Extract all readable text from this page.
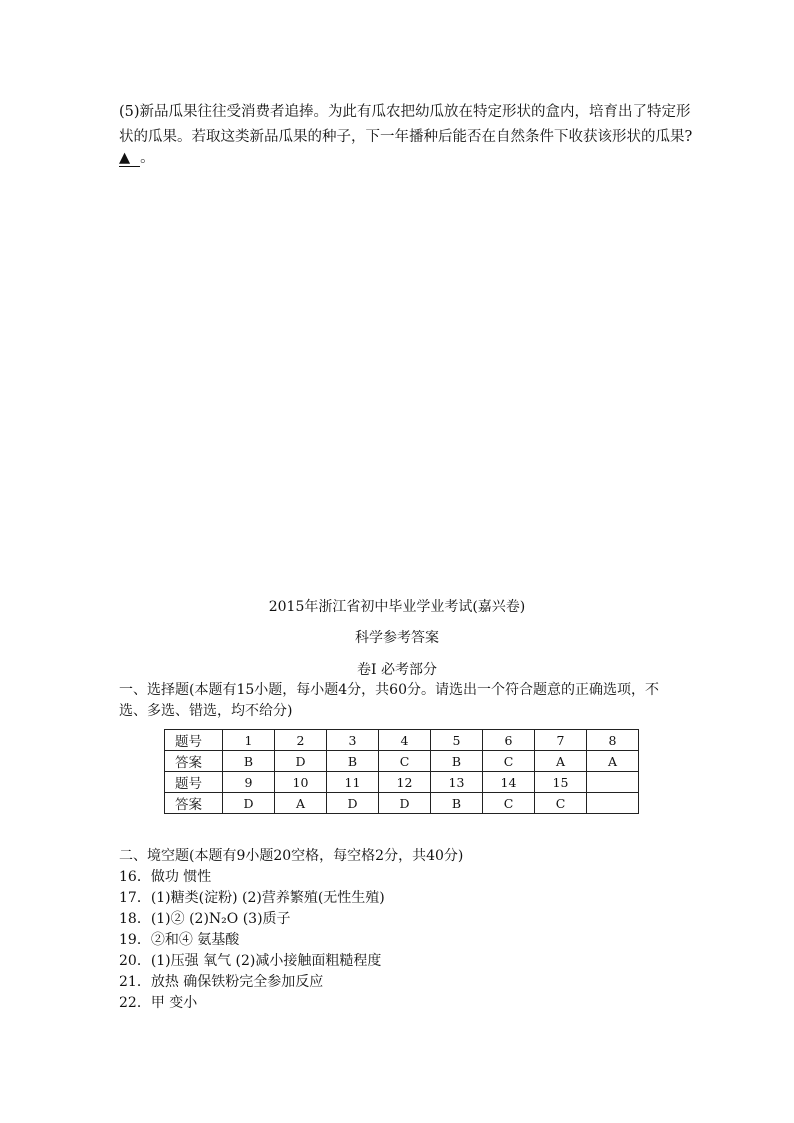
(5)新品瓜果往往受消费者追捧。为此有瓜农把幼瓜放在特定形状的盒内，培育出了特定形
状的瓜果。若取这类新品瓜果的种子，下一年播种后能否在自然条件下收获该形状的瓜果?
▲ 。
2015年浙江省初中毕业学业考试(嘉兴卷)
科学参考答案
卷Ⅰ 必考部分
一、选择题(本题有15小题，每小题4分，共60分。请选出一个符合题意的正确选项，不
选、多选、错选，均不给分)
题号	1	2	3	4	5	6	7	8
答案	B	D	B	C	B	C	A	A
题号	9	10	11	12	13	14	15	
答案	D	A	D	D	B	C	C	
二、境空题(本题有9小题20空格，每空格2分，共40分)
16．做功 惯性
17．(1)糖类(淀粉) (2)营养繁殖(无性生殖)
18．(1)② (2)N₂O (3)质子
19．②和④ 氨基酸
20．(1)压强 氧气 (2)减小接触面粗糙程度
21．放热 确保铁粉完全参加反应
22．甲 变小
